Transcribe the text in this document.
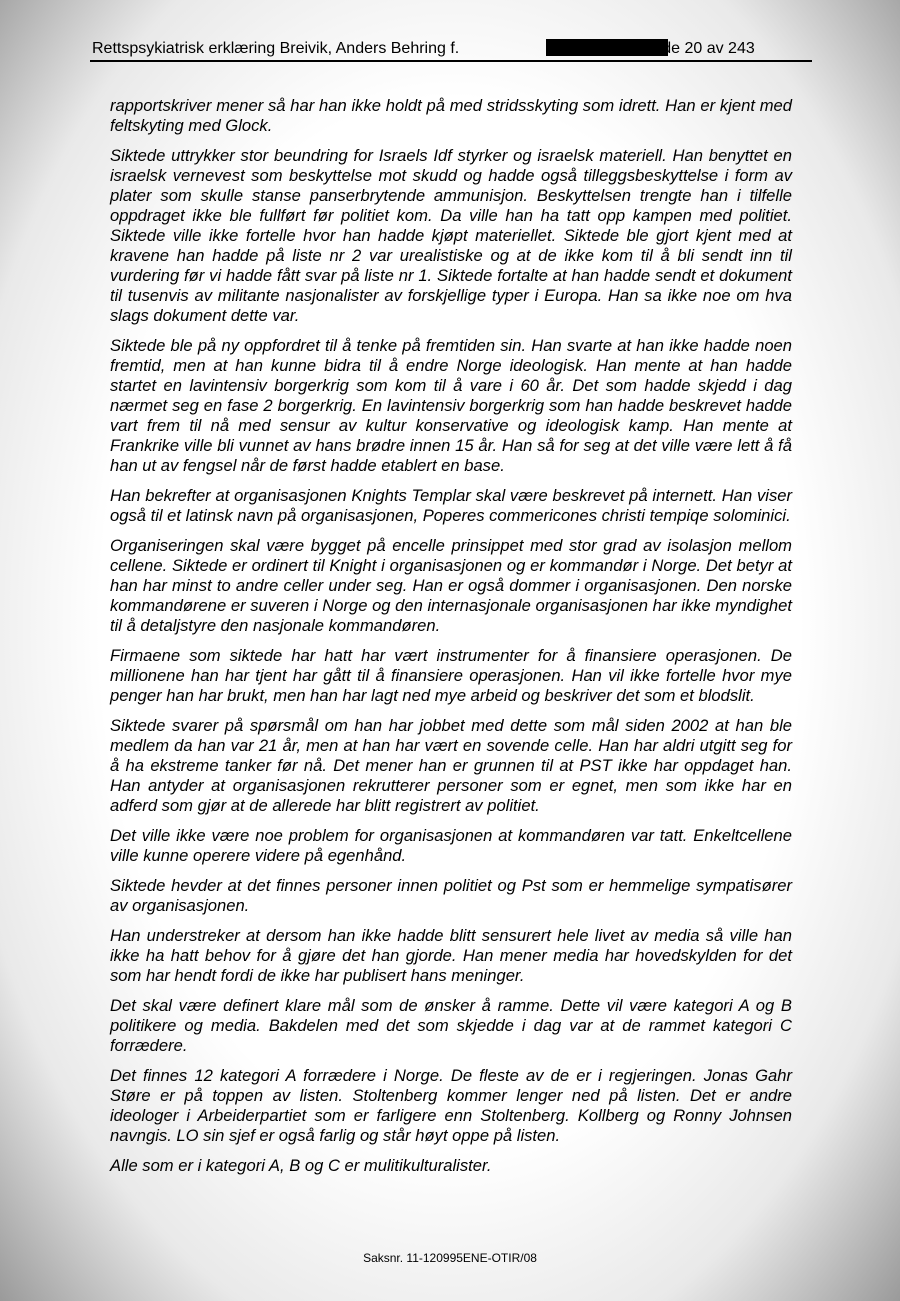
Rettspsykiatrisk erklæring Breivik, Anders Behring f.	Side 20 av 243

rapportskriver mener så har han ikke holdt på med stridsskyting som idrett. Han er kjent med feltskyting med Glock.

Siktede uttrykker stor beundring for Israels Idf styrker og israelsk materiell. Han benyttet en israelsk vernevest som beskyttelse mot skudd og hadde også tilleggsbeskyttelse i form av plater som skulle stanse panserbrytende ammunisjon. Beskyttelsen trengte han i tilfelle oppdraget ikke ble fullført før politiet kom. Da ville han ha tatt opp kampen med politiet. Siktede ville ikke fortelle hvor han hadde kjøpt materiellet. Siktede ble gjort kjent med at kravene han hadde på liste nr 2 var urealistiske og at de ikke kom til å bli sendt inn til vurdering før vi hadde fått svar på liste nr 1. Siktede fortalte at han hadde sendt et dokument til tusenvis av militante nasjonalister av forskjellige typer i Europa. Han sa ikke noe om hva slags dokument dette var.

Siktede ble på ny oppfordret til å tenke på fremtiden sin. Han svarte at han ikke hadde noen fremtid, men at han kunne bidra til å endre Norge ideologisk. Han mente at han hadde startet en lavintensiv borgerkrig som kom til å vare i 60 år. Det som hadde skjedd i dag nærmet seg en fase 2 borgerkrig. En lavintensiv borgerkrig som han hadde beskrevet hadde vart frem til nå med sensur av kultur konservative og ideologisk kamp. Han mente at Frankrike ville bli vunnet av hans brødre innen 15 år. Han så for seg at det ville være lett å få han ut av fengsel når de først hadde etablert en base.

Han bekrefter at organisasjonen Knights Templar skal være beskrevet på internett. Han viser også til et latinsk navn på organisasjonen, Poperes commericones christi tempiqe solominici.

Organiseringen skal være bygget på encelle prinsippet med stor grad av isolasjon mellom cellene. Siktede er ordinert til Knight i organisasjonen og er kommandør i Norge. Det betyr at han har minst to andre celler under seg. Han er også dommer i organisasjonen. Den norske kommandørene er suveren i Norge og den internasjonale organisasjonen har ikke myndighet til å detaljstyre den nasjonale kommandøren.

Firmaene som siktede har hatt har vært instrumenter for å finansiere operasjonen. De millionene han har tjent har gått til å finansiere operasjonen. Han vil ikke fortelle hvor mye penger han har brukt, men han har lagt ned mye arbeid og beskriver det som et blodslit.

Siktede svarer på spørsmål om han har jobbet med dette som mål siden 2002 at han ble medlem da han var 21 år, men at han har vært en sovende celle. Han har aldri utgitt seg for å ha ekstreme tanker før nå. Det mener han er grunnen til at PST ikke har oppdaget han. Han antyder at organisasjonen rekrutterer personer som er egnet, men som ikke har en adferd som gjør at de allerede har blitt registrert av politiet.

Det ville ikke være noe problem for organisasjonen at kommandøren var tatt. Enkeltcellene ville kunne operere videre på egenhånd.

Siktede hevder at det finnes personer innen politiet og Pst som er hemmelige sympatisører av organisasjonen.

Han understreker at dersom han ikke hadde blitt sensurert hele livet av media så ville han ikke ha hatt behov for å gjøre det han gjorde. Han mener media har hovedskylden for det som har hendt fordi de ikke har publisert hans meninger.

Det skal være definert klare mål som de ønsker å ramme. Dette vil være kategori A og B politikere og media. Bakdelen med det som skjedde i dag var at de rammet kategori C forrædere.

Det finnes 12 kategori A forrædere i Norge. De fleste av de er i regjeringen. Jonas Gahr Støre er på toppen av listen. Stoltenberg kommer lenger ned på listen. Det er andre ideologer i Arbeiderpartiet som er farligere enn Stoltenberg. Kollberg og Ronny Johnsen navngis. LO sin sjef er også farlig og står høyt oppe på listen.

Alle som er i kategori A, B og C er mulitikulturalister.

Saksnr. 11-120995ENE-OTIR/08
